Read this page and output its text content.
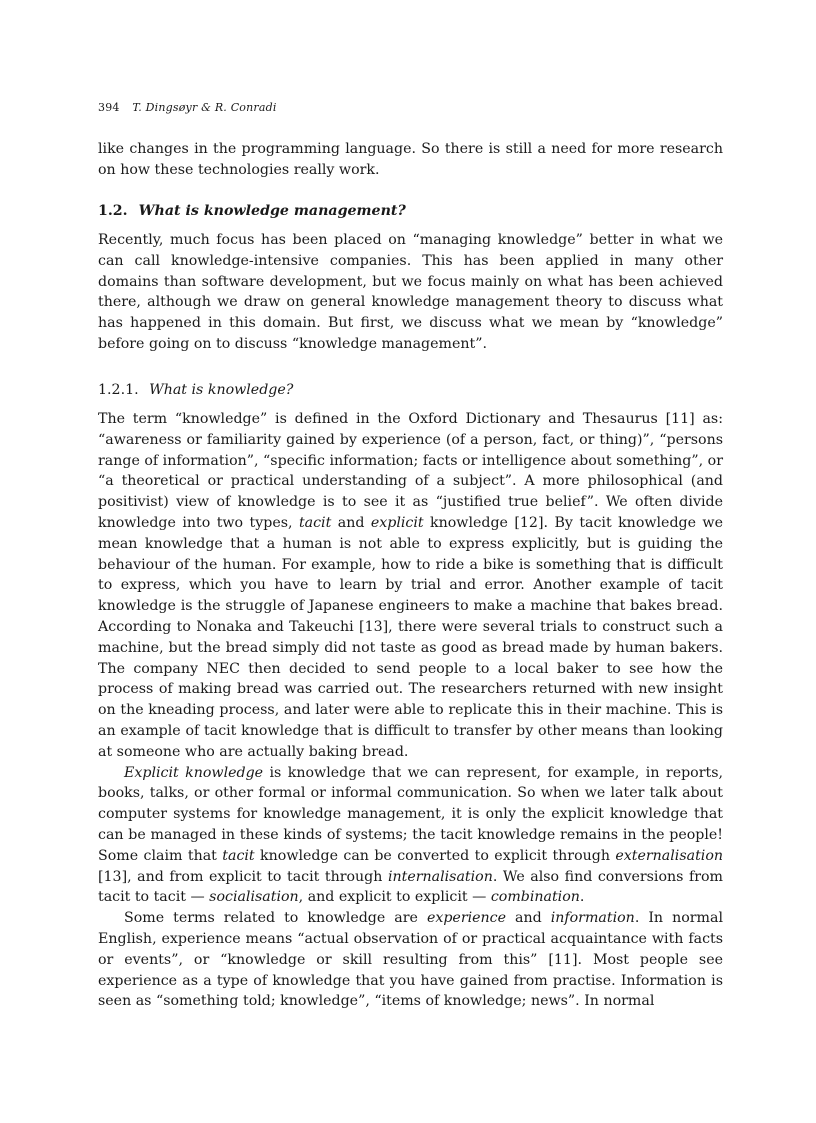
394 T. Dingsøyr & R. Conradi

like changes in the programming language. So there is still a need for more research on how these technologies really work.

1.2. What is knowledge management?

Recently, much focus has been placed on “managing knowledge” better in what we can call knowledge-intensive companies. This has been applied in many other domains than software development, but we focus mainly on what has been achieved there, although we draw on general knowledge management theory to discuss what has happened in this domain. But first, we discuss what we mean by “knowledge” before going on to discuss “knowledge management”.

1.2.1. What is knowledge?

The term “knowledge” is defined in the Oxford Dictionary and Thesaurus [11] as: “awareness or familiarity gained by experience (of a person, fact, or thing)”, “persons range of information”, “specific information; facts or intelligence about something”, or “a theoretical or practical understanding of a subject”. A more philosophical (and positivist) view of knowledge is to see it as “justified true belief”. We often divide knowledge into two types, tacit and explicit knowledge [12]. By tacit knowledge we mean knowledge that a human is not able to express explicitly, but is guiding the behaviour of the human. For example, how to ride a bike is something that is difficult to express, which you have to learn by trial and error. Another example of tacit knowledge is the struggle of Japanese engineers to make a machine that bakes bread. According to Nonaka and Takeuchi [13], there were several trials to construct such a machine, but the bread simply did not taste as good as bread made by human bakers. The company NEC then decided to send people to a local baker to see how the process of making bread was carried out. The researchers returned with new insight on the kneading process, and later were able to replicate this in their machine. This is an example of tacit knowledge that is difficult to transfer by other means than looking at someone who are actually baking bread.

Explicit knowledge is knowledge that we can represent, for example, in reports, books, talks, or other formal or informal communication. So when we later talk about computer systems for knowledge management, it is only the explicit knowledge that can be managed in these kinds of systems; the tacit knowledge remains in the people! Some claim that tacit knowledge can be converted to explicit through externalisation [13], and from explicit to tacit through internalisation. We also find conversions from tacit to tacit — socialisation, and explicit to explicit — combination.

Some terms related to knowledge are experience and information. In normal English, experience means “actual observation of or practical acquaintance with facts or events”, or “knowledge or skill resulting from this” [11]. Most people see experience as a type of knowledge that you have gained from practise. Information is seen as “something told; knowledge”, “items of knowledge; news”. In normal
